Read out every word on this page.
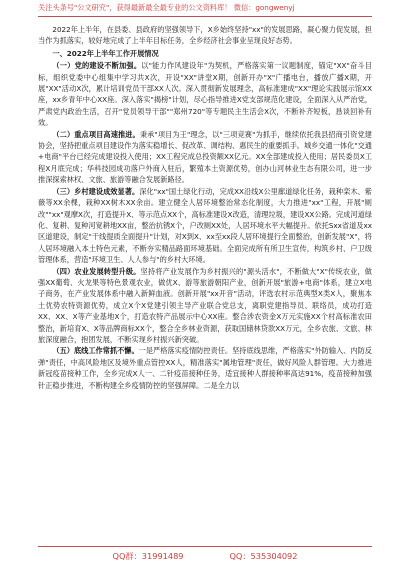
关注头条号"公文研究"，获得最新最全最专业的公文资料库！ 微信：gongwenyj

2022年上半年，在县委、县政府的坚强领导下，X乡始终坚持"xx"的发展思路，凝心聚力促发展，担当作为抓落实，较好地完成了上半年目标任务，全乡经济社会事业呈现良好态势。

一、2022年上半年工作开展情况

（一）党的建设不断加强。以"能力作风建设年"为契机，严格落实第一议题制度，锚定"XX"奋斗目标，组织党委中心组集中学习共X次，开设"XX"讲堂X期，创新开办"X"广播电台，播放广播X期，开展"XX"活动X次，累计培训党员干部XX人次。深入贯彻新发展理念，高标准建成"XX"理论实践展示馆XX座，xx乡青年中心XX座。深入落实"揭榜"计划，尽心指导推进X党支部规范化建设，全面深入从严治党，严肃党内政治生活，召开"党员领导干部""郑州720"等专题民主生活会X次，不断补齐短板，恳谈回补有效。

（二）重点项目高速推进。秉承"项目为王"理念，以"三项竞赛"为抓手，继续依托我县招商引资党建协会，坚持把重点项目建设作为落实稳增长、促改革、调结构、惠民生的重要抓手。城乡交通一体化"交通+电商"平台已经完成建设投入使用；XX工程完成总投资额XX亿元。XX全部建成投入使用；居民委员X工程X月底完成；华科技园成功落户外商入驻后，繁殖本土资源优势，创办山河林业生态有限公司，进一步推深探索林权、文旅、旅游等融合发展新路径。

（三）乡村建设成效显著。深化"xx"国土绿化行动，完成XX沿线X公里廊道绿化任务，栽种栾木、紫薇等XX余棵，栽种XX树木XX余亩。建立健全人居环境整治常态化制度，大力推进"xx"工程，开展"厕改""xx"观摩X次，打造提升X、等示范点XX个，高标准建设X改造，清理垃圾，建设XX公路。完成河道绿化、复耕、复种河宽耕地XX亩，整治抗锈X个，户改厕XX处，人居环境水平大幅提升。依托Sxx省道及xx区道建设，制定"干线提质全面提升"计划，对X到X、xx至xx段人居环境提行全面整治，创新发展"X"，将人居环境融入本土特色元素，不断夯实精品路面环境基础。全面完成所有所卫生宣传，构筑乡村、户卫级管理体系，营造"环境卫生、人人参与"的乡村大环境。

（四）农业发展转型升级。坚持将产业发展作为乡村振兴的"源头活水"，不断做大"X"传统农业，做强XX葡萄、火龙果等特色景观农业，做优X、游等旅游朝阳产业，创新开展"旅游+电商"体系，建立X电子商务，在产业发展体系中融入新鲜血液。创新开展"xx开音"活动，评选农村示范典型X类X人，聚焦本土优势农特资源优势，成立X个X党建引领主导产业联合党总支，离职党建指导员、联络员，成功打造XX、XX、X等产业基地X个，打造农特产品展示中心XX座。整合涉农资金X万元实施XX个村高标准农田整治，新培育X、X等品牌商标XX个，整合全乡林业资源，获取国储林贷款XX万元，全乡农旅、文旅、林旅深度融合，抱团发展，不断实现乡村振兴新突破。

（五）底线工作常抓不懈。一是严格落实疫情防控责任。坚持底线思维，严格落实"外防输入、内防反弹"责任，中高风险地区及境外重点管控XX人，精准落实"属地管理"责任，做好风险人群管理。大力推进新冠疫苗接种工作，全乡完成X人一、二针疫苗接种任务，适宜接种人群接种率高达91%，疫苗接种加强针正稳步推进，不断构建全乡疫情防控的坚强屏障。二是全力以

QQ群：31991489	QQ：535304092
